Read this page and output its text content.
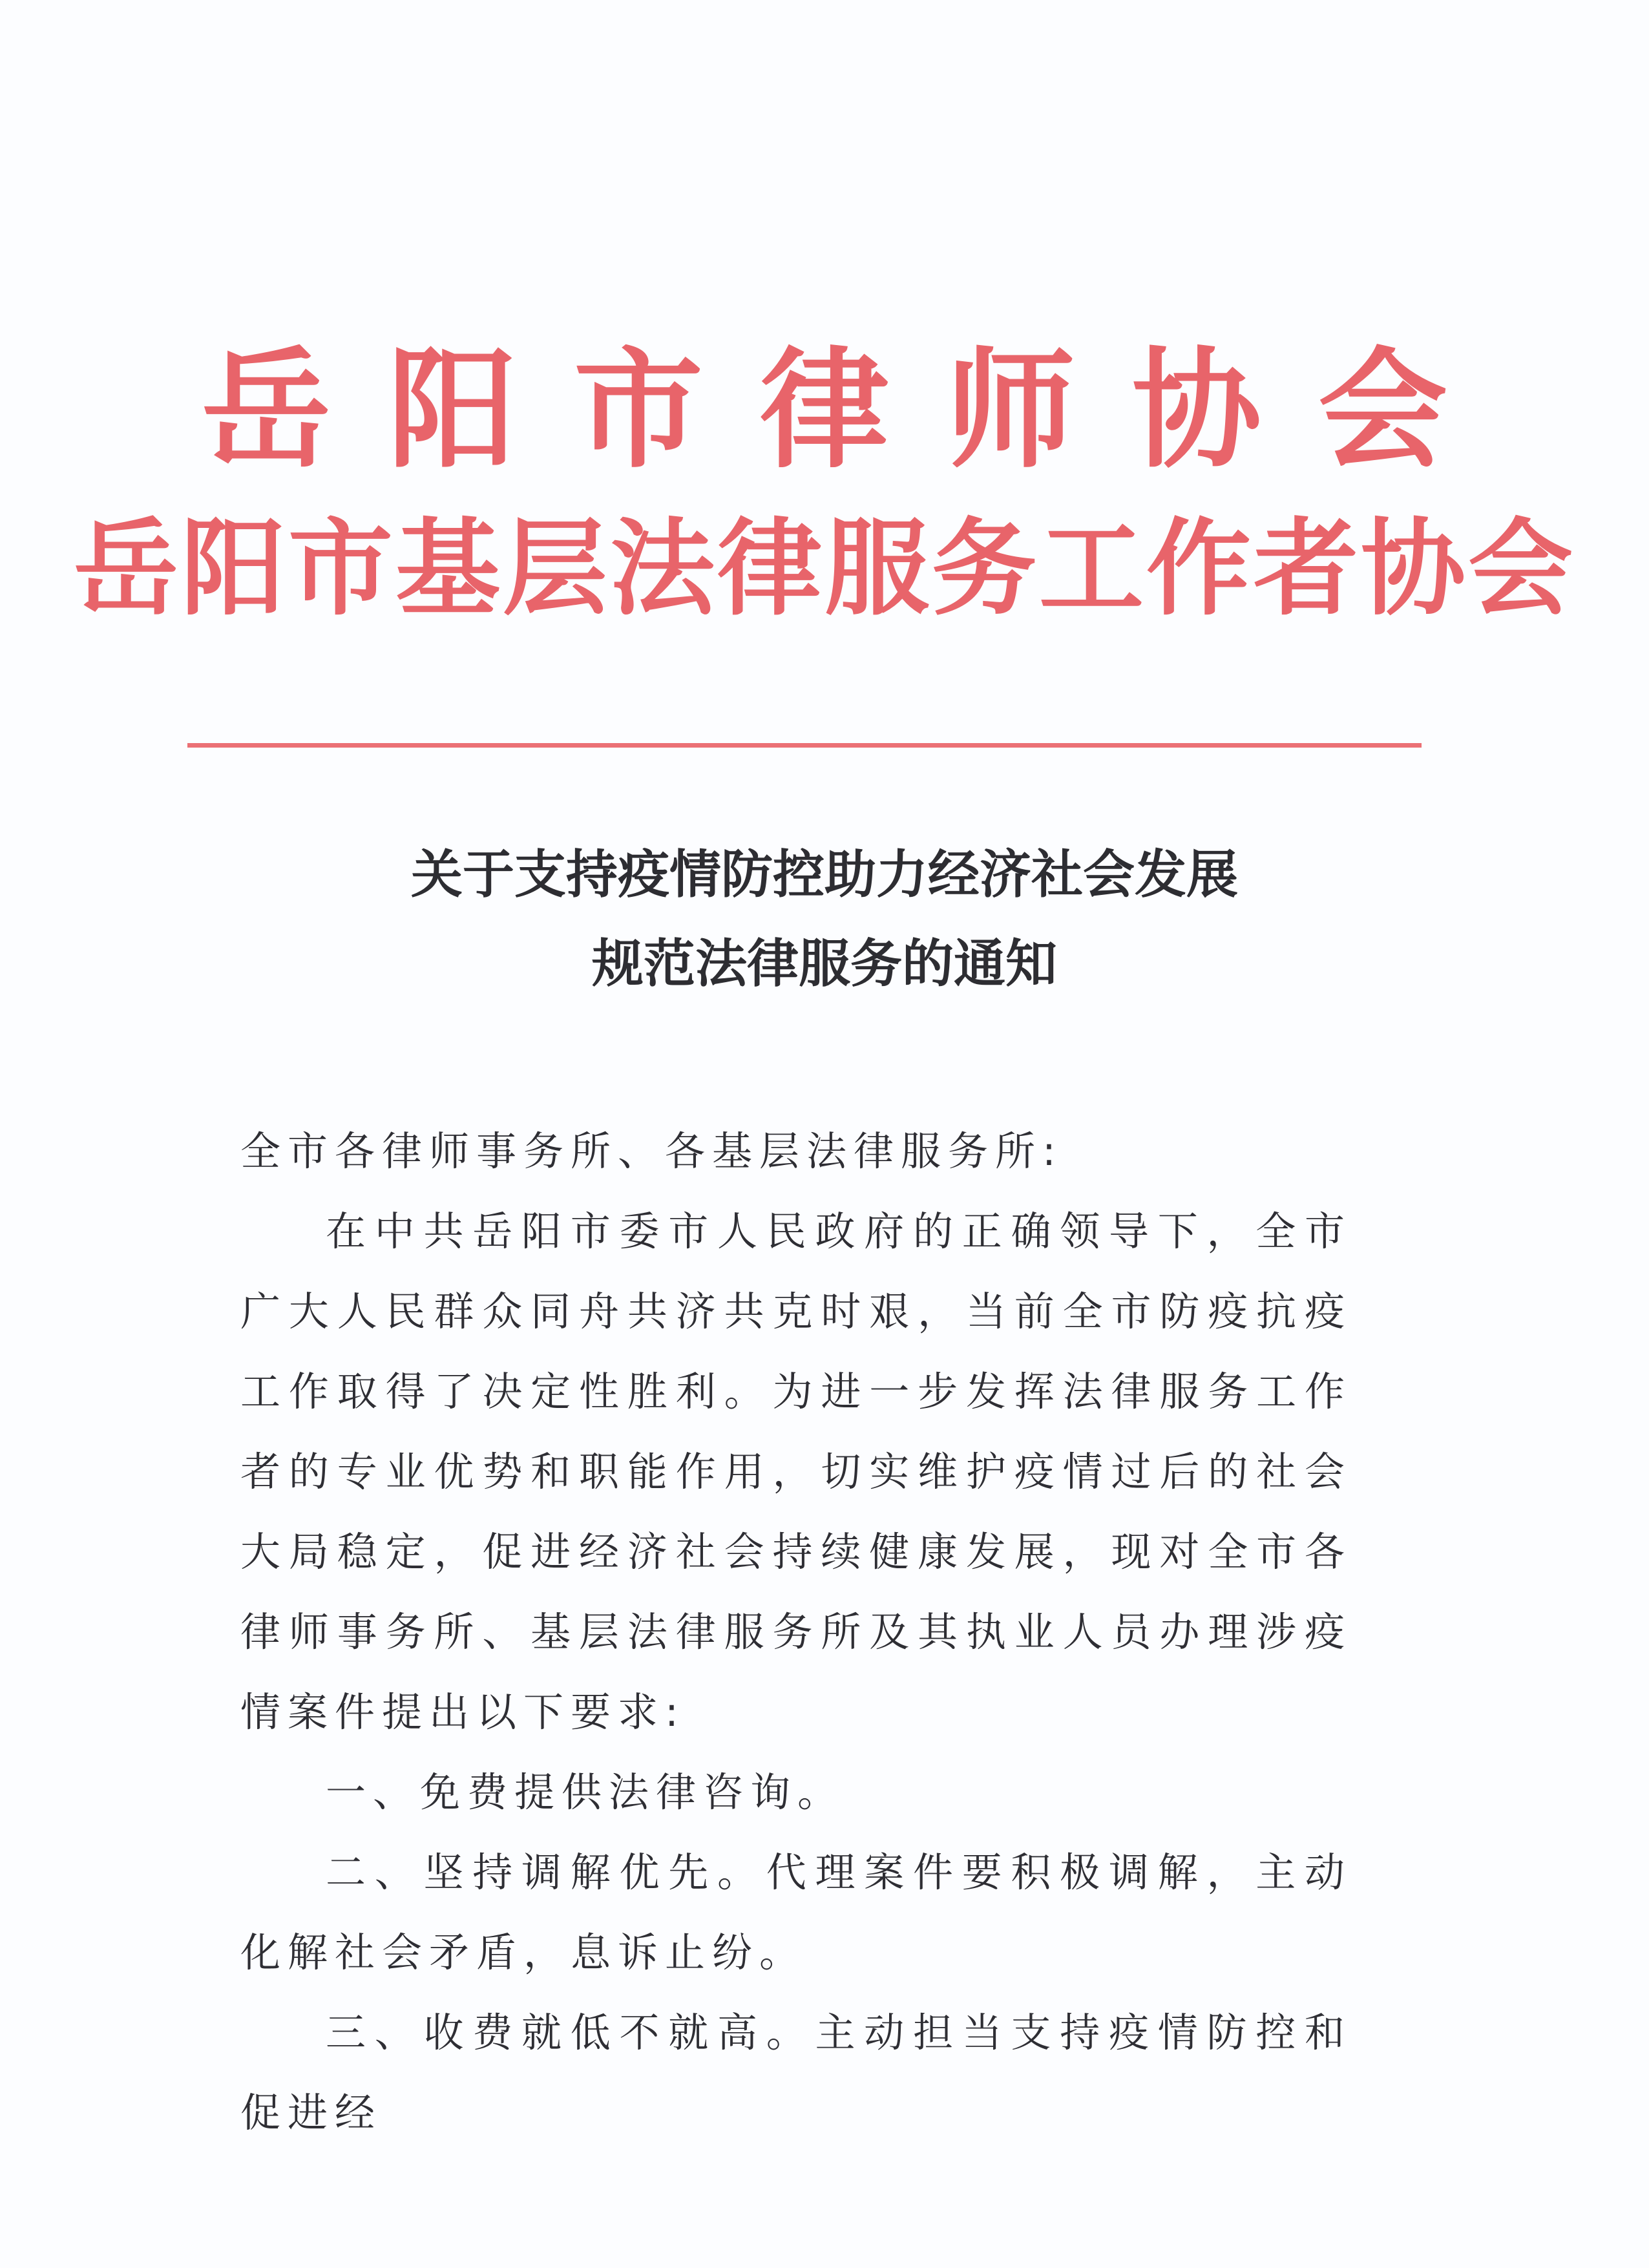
岳阳市律师协会
岳阳市基层法律服务工作者协会
关于支持疫情防控助力经济社会发展
规范法律服务的通知

全市各律师事务所、各基层法律服务所:

在中共岳阳市委市人民政府的正确领导下，全市广大人民群众同舟共济共克时艰，当前全市防疫抗疫工作取得了决定性胜利。为进一步发挥法律服务工作者的专业优势和职能作用，切实维护疫情过后的社会大局稳定，促进经济社会持续健康发展，现对全市各律师事务所、基层法律服务所及其执业人员办理涉疫情案件提出以下要求:

一、免费提供法律咨询。

二、坚持调解优先。代理案件要积极调解，主动化解社会矛盾，息诉止纷。

三、收费就低不就高。主动担当支持疫情防控和促进经
